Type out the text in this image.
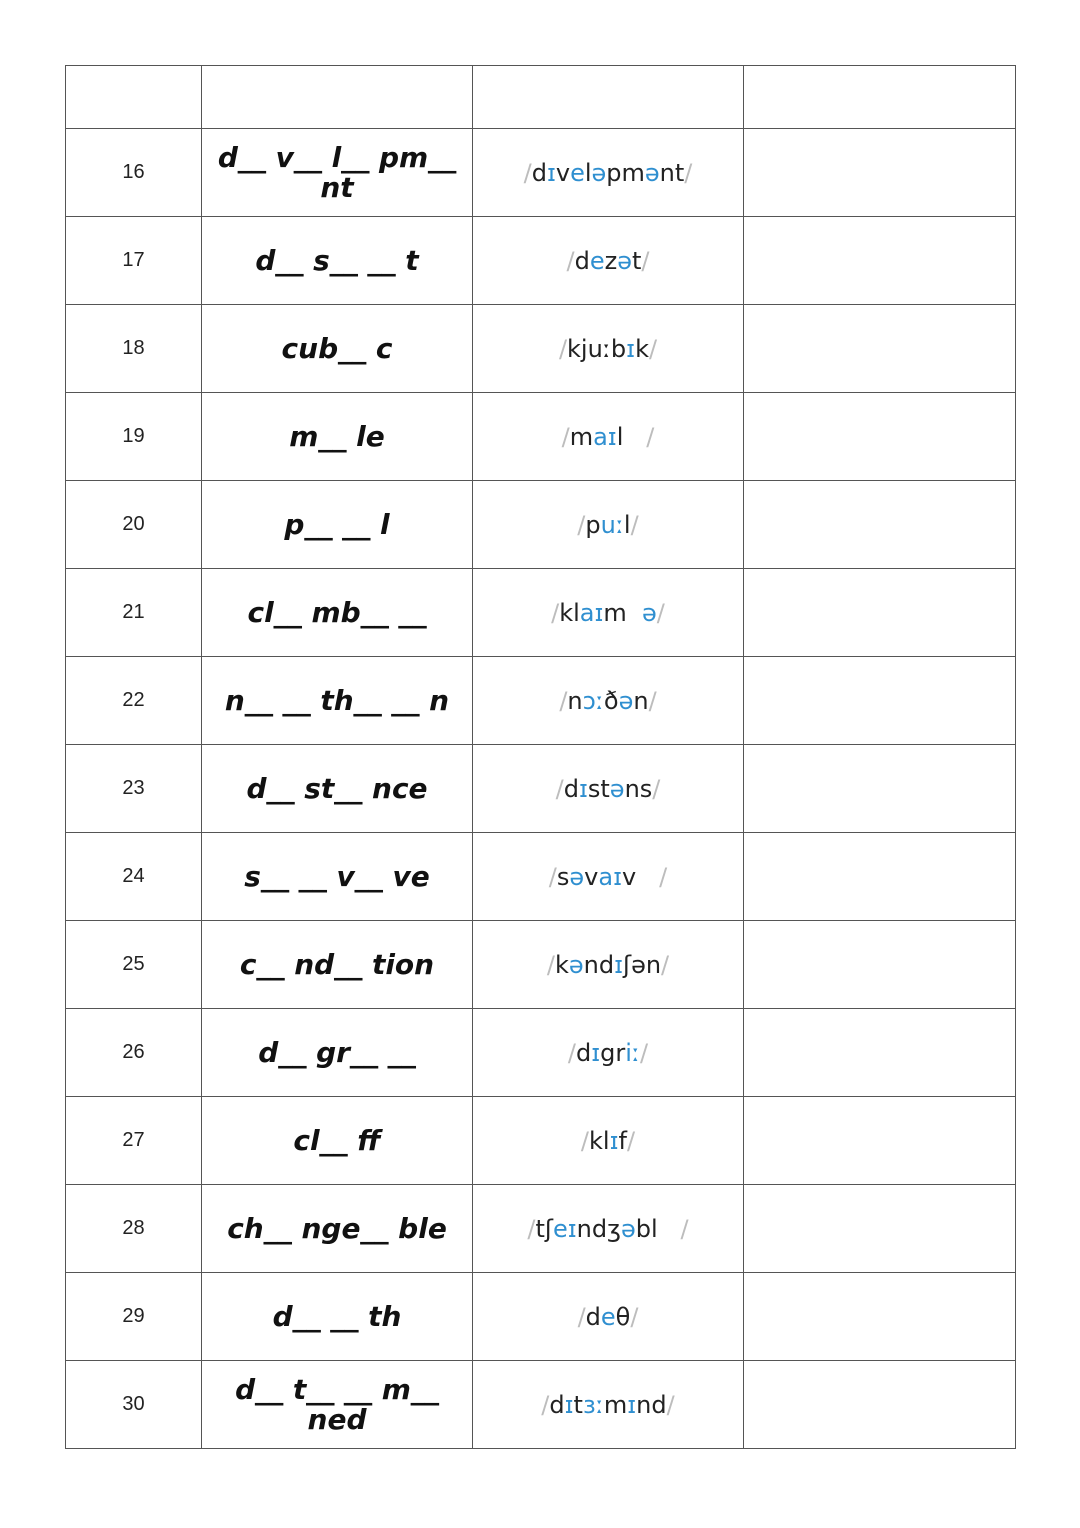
16	d__ v__ l__ pm__ nt	/dɪveləpmənt/	
17	d__ s__ __ t	/dezət/	
18	cub__ c	/kjuːbɪk/	
19	m__ le	/maɪl   /	
20	p__ __ l	/puːl/	
21	cl__ mb__ __	/klaɪm  ə/	
22	n__ __ th__ __ n	/nɔːðən/	
23	d__ st__ nce	/dɪstəns/	
24	s__ __ v__ ve	/səvaɪv   /	
25	c__ nd__ tion	/kəndɪʃən/	
26	d__ gr__ __	/dɪgriː/	
27	cl__ ff	/klɪf/	
28	ch__ nge__ ble	/tʃeɪndʒəbl   /	
29	d__ __ th	/deθ/	
30	d__ t__ __ m__ ned	/dɪtɜːmɪnd/	
